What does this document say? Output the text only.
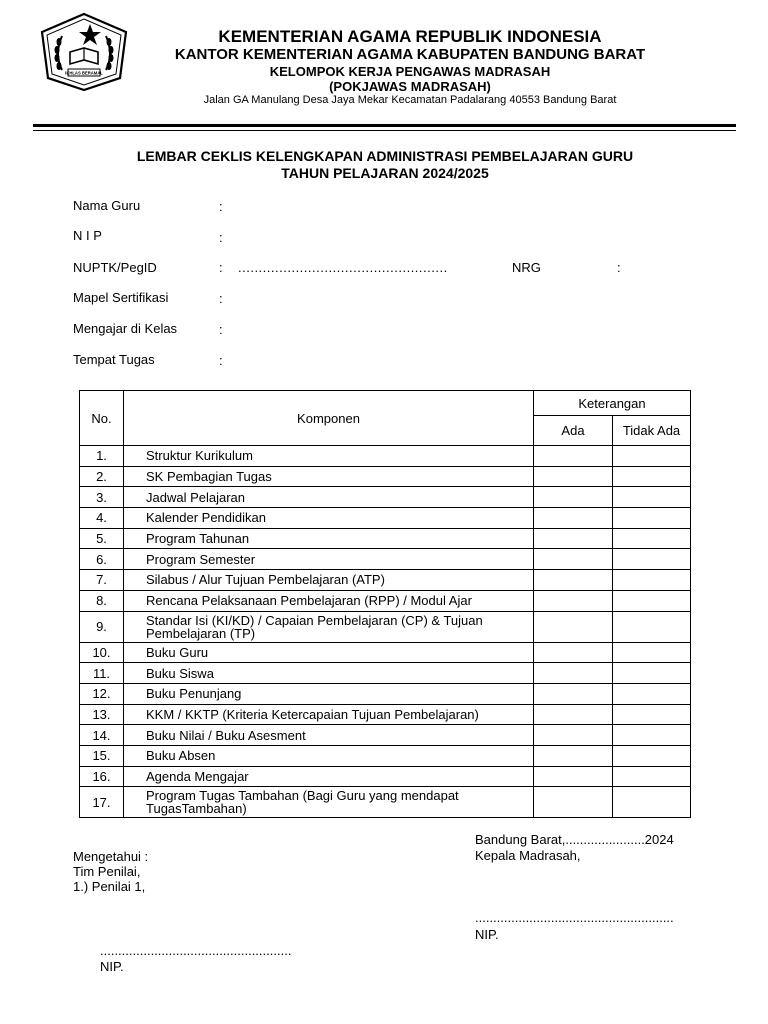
IKHLAS BERAMAL
KEMENTERIAN AGAMA REPUBLIK INDONESIA
KANTOR KEMENTERIAN AGAMA KABUPATEN BANDUNG BARAT
KELOMPOK KERJA PENGAWAS MADRASAH
(POKJAWAS MADRASAH)
Jalan GA Manulang Desa Jaya Mekar Kecamatan Padalarang 40553 Bandung Barat
LEMBAR CEKLIS KELENGKAPAN ADMINISTRASI PEMBELAJARAN GURU
TAHUN PELAJARAN 2024/2025
Nama Guru	:
N I P	:
NUPTK/PegID	: ...................................................	NRG	:
Mapel Sertifikasi	:
Mengajar di Kelas	:
Tempat Tugas	:
No.	Komponen	Keterangan	
		Ada	Tidak Ada
1.	Struktur Kurikulum		
2.	SK Pembagian Tugas		
3.	Jadwal Pelajaran		
4.	Kalender Pendidikan		
5.	Program Tahunan		
6.	Program Semester		
7.	Silabus / Alur Tujuan Pembelajaran (ATP)		
8.	Rencana Pelaksanaan Pembelajaran (RPP) / Modul Ajar		
9.	Standar Isi (KI/KD) / Capaian Pembelajaran (CP) & Tujuan Pembelajaran (TP)		
10.	Buku Guru		
11.	Buku Siswa		
12.	Buku Penunjang		
13.	KKM / KKTP (Kriteria Ketercapaian Tujuan Pembelajaran)		
14.	Buku Nilai / Buku Asesment		
15.	Buku Absen		
16.	Agenda Mengajar		
17.	Program Tugas Tambahan (Bagi Guru yang mendapat TugasTambahan)		
Bandung Barat,......................2024
Kepala Madrasah,
Mengetahui :
Tim Penilai,
1.) Penilai 1,
.......................................................
NIP.
.....................................................
NIP.
